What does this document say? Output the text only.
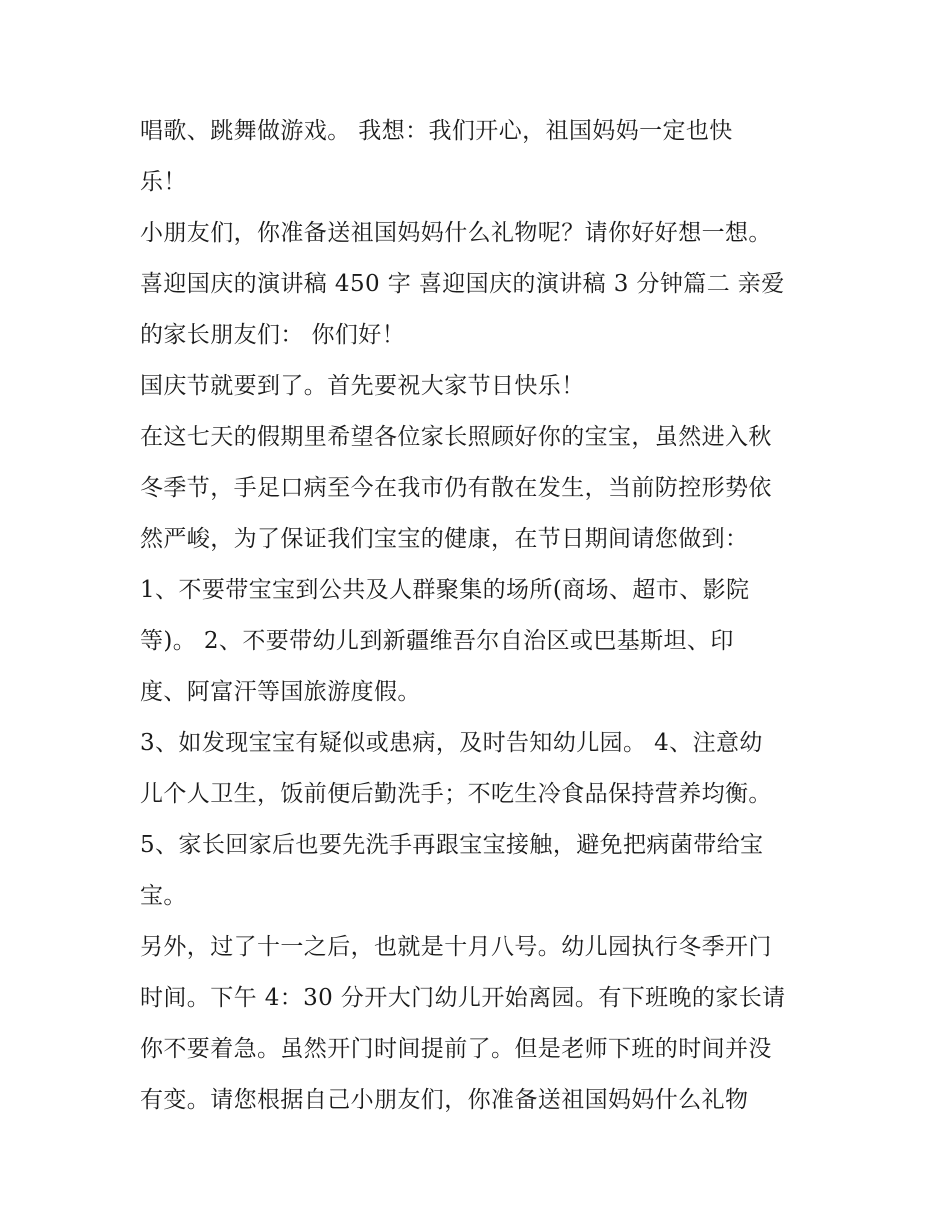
唱歌、跳舞做游戏。 我想：我们开心，祖国妈妈一定也快
乐！
小朋友们，你准备送祖国妈妈什么礼物呢？请你好好想一想。
喜迎国庆的演讲稿 450 字 喜迎国庆的演讲稿 3 分钟篇二 亲爱
的家长朋友们： 你们好！
国庆节就要到了。首先要祝大家节日快乐！
在这七天的假期里希望各位家长照顾好你的宝宝，虽然进入秋
冬季节，手足口病至今在我市仍有散在发生，当前防控形势依
然严峻，为了保证我们宝宝的健康，在节日期间请您做到：
1、不要带宝宝到公共及人群聚集的场所(商场、超市、影院
等)。 2、不要带幼儿到新疆维吾尔自治区或巴基斯坦、印
度、阿富汗等国旅游度假。
3、如发现宝宝有疑似或患病，及时告知幼儿园。 4、注意幼
儿个人卫生，饭前便后勤洗手；不吃生冷食品保持营养均衡。
5、家长回家后也要先洗手再跟宝宝接触，避免把病菌带给宝
宝。
另外，过了十一之后，也就是十月八号。幼儿园执行冬季开门
时间。下午 4：30 分开大门幼儿开始离园。有下班晚的家长请
你不要着急。虽然开门时间提前了。但是老师下班的时间并没
有变。请您根据自己小朋友们，你准备送祖国妈妈什么礼物
